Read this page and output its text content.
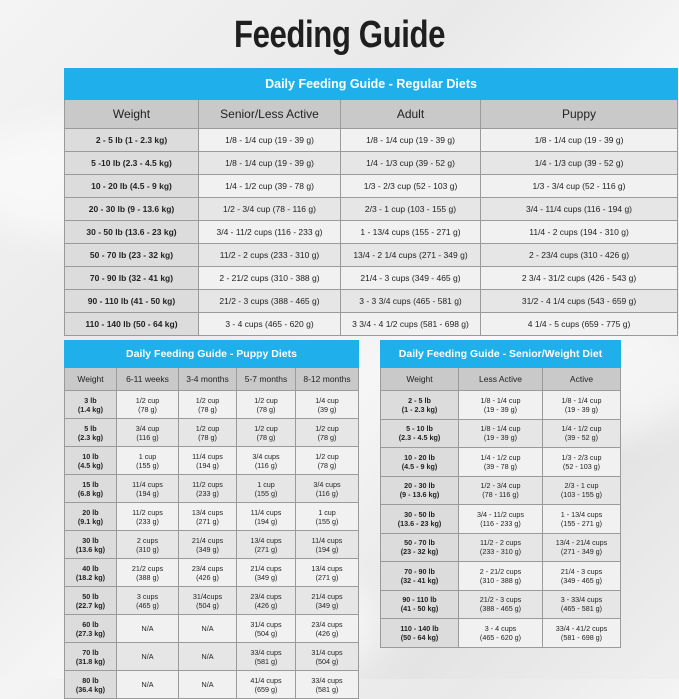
Feeding Guide
Daily Feeding Guide - Regular Diets			
Weight	Senior/Less Active	Adult	Puppy
2 - 5 lb (1 - 2.3 kg)	1/8 - 1/4 cup (19 - 39 g)	1/8 - 1/4 cup (19 - 39 g)	1/8 - 1/4 cup (19 - 39 g)
5 -10 lb (2.3 - 4.5 kg)	1/8 - 1/4 cup (19 - 39 g)	1/4 - 1/3 cup (39 - 52 g)	1/4 - 1/3 cup (39 - 52 g)
10 - 20 lb (4.5 - 9 kg)	1/4 - 1/2 cup (39 - 78 g)	1/3 - 2/3 cup (52 - 103 g)	1/3 - 3/4 cup (52 - 116 g)
20 - 30 lb (9 - 13.6 kg)	1/2 - 3/4 cup (78 - 116 g)	2/3 - 1 cup (103 - 155 g)	3/4 - 11/4 cups (116 - 194 g)
30 - 50 lb (13.6 - 23 kg)	3/4 - 11/2 cups (116 - 233 g)	1 - 13/4 cups (155 - 271 g)	11/4 - 2 cups (194 - 310 g)
50 - 70 lb (23 - 32 kg)	11/2 - 2 cups (233 - 310 g)	13/4 - 2 1/4 cups (271 - 349 g)	2 - 23/4 cups (310 - 426 g)
70 - 90 lb (32 - 41 kg)	2 - 21/2 cups (310 - 388 g)	21/4 - 3 cups (349 - 465 g)	2 3/4 - 31/2 cups (426 - 543 g)
90 - 110 lb (41 - 50 kg)	21/2 - 3 cups (388 - 465 g)	3 - 3 3/4 cups (465 - 581 g)	31/2 - 4 1/4 cups (543 - 659 g)
110 - 140 lb (50 - 64 kg)	3 - 4 cups (465 - 620 g)	3 3/4 - 4 1/2 cups (581 - 698 g)	4 1/4 - 5 cups (659 - 775 g)
Daily Feeding Guide - Puppy Diets				
Weight	6-11 weeks	3-4 months	5-7 months	8-12 months

3 lb
(1.4 kg)	1/2 cup
(78 g)	1/2 cup
(78 g)	1/2 cup
(78 g)	1/4 cup
(39 g)

5 lb
(2.3 kg)	3/4 cup
(116 g)	1/2 cup
(78 g)	1/2 cup
(78 g)	1/2 cup
(78 g)

10 lb
(4.5 kg)	1 cup
(155 g)	11/4 cups
(194 g)	3/4 cups
(116 g)	1/2 cup
(78 g)

15 lb
(6.8 kg)	11/4 cups
(194 g)	11/2 cups
(233 g)	1 cup
(155 g)	3/4 cups
(116 g)

20 lb
(9.1 kg)	11/2 cups
(233 g)	13/4 cups
(271 g)	11/4 cups
(194 g)	1 cup
(155 g)

30 lb
(13.6 kg)	2 cups
(310 g)	21/4 cups
(349 g)	13/4 cups
(271 g)	11/4 cups
(194 g)

40 lb
(18.2 kg)	21/2 cups
(388 g)	23/4 cups
(426 g)	21/4 cups
(349 g)	13/4 cups
(271 g)

50 lb
(22.7 kg)	3 cups
(465 g)	31/4cups
(504 g)	23/4 cups
(426 g)	21/4 cups
(349 g)

60 lb
(27.3 kg)	N/A	N/A	31/4 cups
(504 g)	23/4 cups
(426 g)

70 lb
(31.8 kg)	N/A	N/A	33/4 cups
(581 g)	31/4 cups
(504 g)

80 lb
(36.4 kg)	N/A	N/A	41/4 cups
(659 g)	33/4 cups
(581 g)
Daily Feeding Guide - Senior/Weight Diet		
Weight	Less Active	Active

2 - 5 lb
(1 - 2.3 kg)	1/8 - 1/4 cup
(19 - 39 g)	1/8 - 1/4 cup
(19 - 39 g)

5 - 10 lb
(2.3 - 4.5 kg)	1/8 - 1/4 cup
(19 - 39 g)	1/4 - 1/2 cup
(39 - 52 g)

10 - 20 lb
(4.5 - 9 kg)	1/4 - 1/2 cup
(39 - 78 g)	1/3 - 2/3 cup
(52 - 103 g)

20 - 30 lb
(9 - 13.6 kg)	1/2 - 3/4 cup
(78 - 116 g)	2/3 - 1 cup
(103 - 155 g)

30 - 50 lb
(13.6 - 23 kg)	3/4 - 11/2 cups
(116 - 233 g)	1 - 13/4 cups
(155 - 271 g)

50 - 70 lb
(23 - 32 kg)	11/2 - 2 cups
(233 - 310 g)	13/4 - 21/4 cups
(271 - 349 g)

70 - 90 lb
(32 - 41 kg)	2 - 21/2 cups
(310 - 388 g)	21/4 - 3 cups
(349 - 465 g)

90 - 110 lb
(41 - 50 kg)	21/2 - 3 cups
(388 - 465 g)	3 - 33/4 cups
(465 - 581 g)

110 - 140 lb
(50 - 64 kg)	3 - 4 cups
(465 - 620 g)	33/4 - 41/2 cups
(581 - 698 g)
